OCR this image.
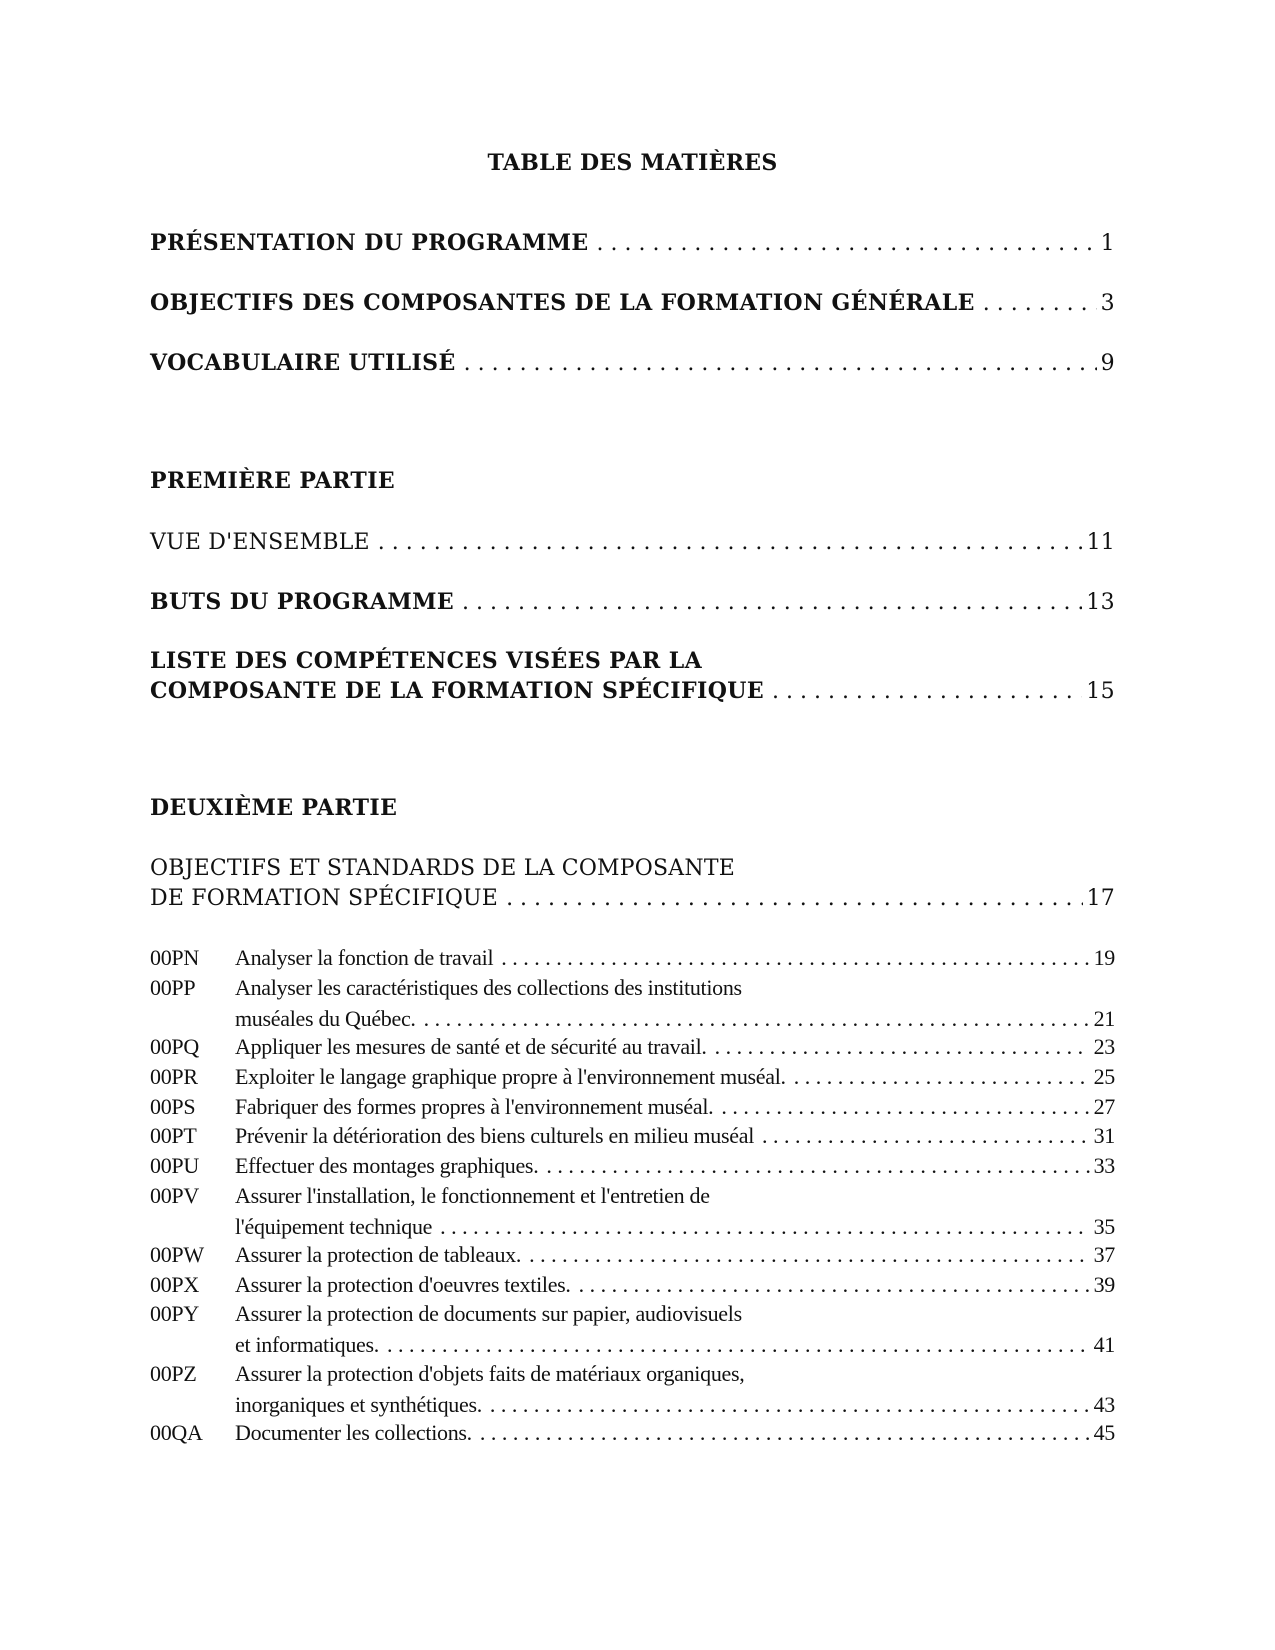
TABLE DES MATIÈRES
PRÉSENTATION DU PROGRAMME . . .	1
OBJECTIFS DES COMPOSANTES DE LA FORMATION GÉNÉRALE . . .	3
VOCABULAIRE UTILISÉ . . .	9
PREMIÈRE PARTIE
VUE D'ENSEMBLE . . .	11
BUTS DU PROGRAMME . . .	13
LISTE DES COMPÉTENCES VISÉES PAR LA
COMPOSANTE DE LA FORMATION SPÉCIFIQUE . . .	15
DEUXIÈME PARTIE
OBJECTIFS ET STANDARDS DE LA COMPOSANTE
DE FORMATION SPÉCIFIQUE . . .	17
00PN	Analyser la fonction de travail . . .	19
00PP	Analyser les caractéristiques des collections des institutions
muséales du Québec. . . .	21
00PQ	Appliquer les mesures de santé et de sécurité au travail. . . .	23
00PR	Exploiter le langage graphique propre à l'environnement muséal. . . .	25
00PS	Fabriquer des formes propres à l'environnement muséal. . . .	27
00PT	Prévenir la détérioration des biens culturels en milieu muséal . . .	31
00PU	Effectuer des montages graphiques. . . .	33
00PV	Assurer l'installation, le fonctionnement et l'entretien de
l'équipement technique . . .	35
00PW	Assurer la protection de tableaux. . . .	37
00PX	Assurer la protection d'oeuvres textiles. . . .	39
00PY	Assurer la protection de documents sur papier, audiovisuels
et informatiques. . . .	41
00PZ	Assurer la protection d'objets faits de matériaux organiques,
inorganiques et synthétiques. . . .	43
00QA	Documenter les collections. . . .	45
